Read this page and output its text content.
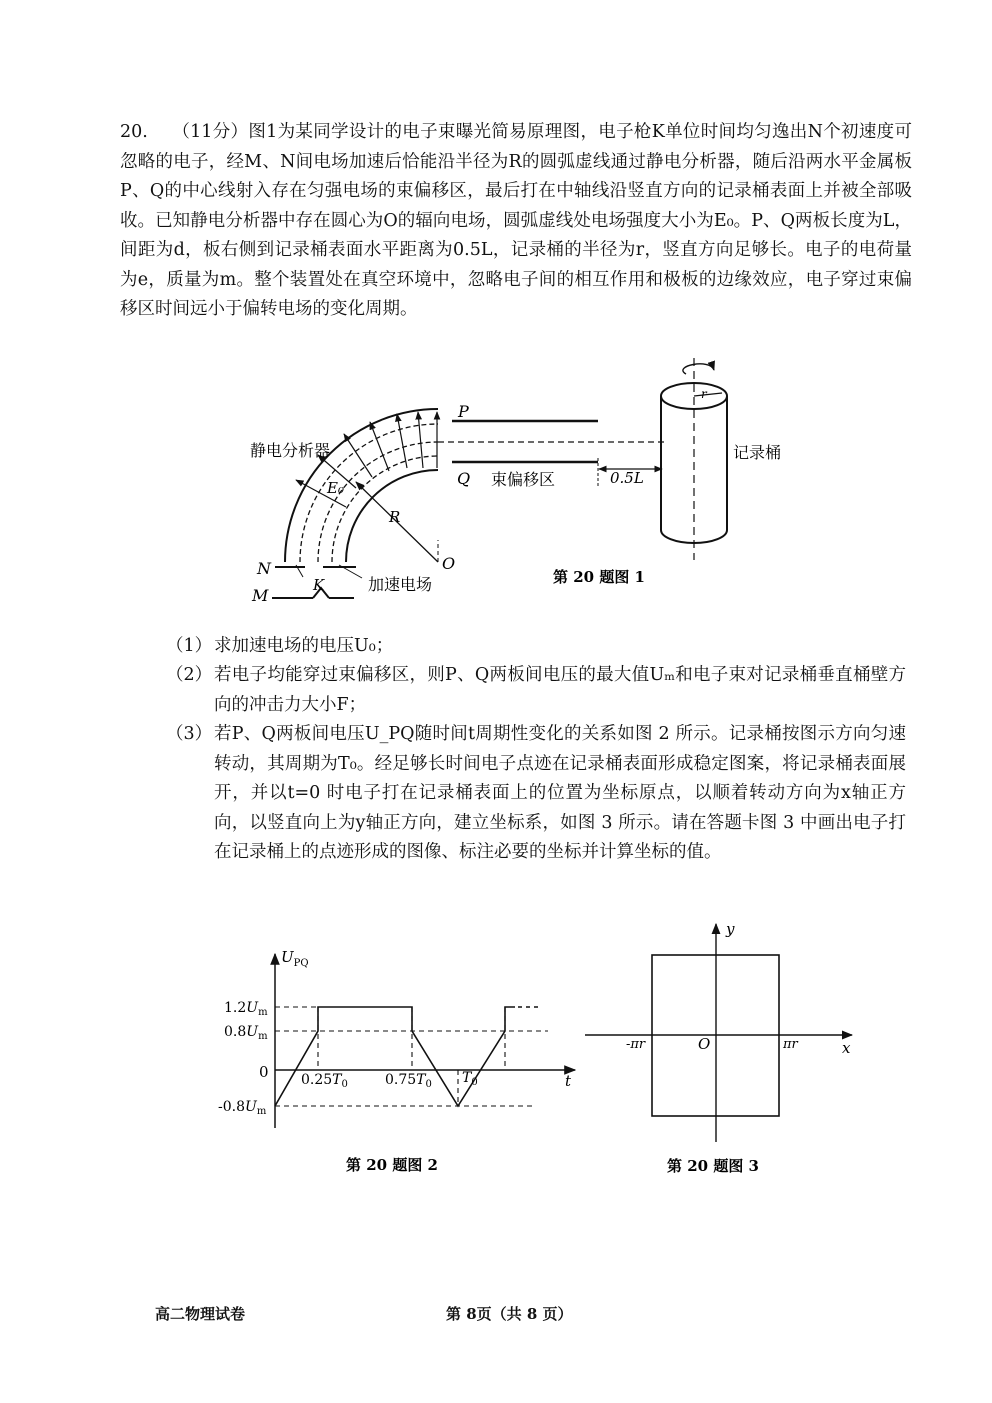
20. （11分）图1为某同学设计的电子束曝光简易原理图，电子枪K单位时间均匀逸出N个初速度可忽略的电子，经M、N间电场加速后恰能沿半径为R的圆弧虚线通过静电分析器，随后沿两水平金属板P、Q的中心线射入存在匀强电场的束偏移区，最后打在中轴线沿竖直方向的记录桶表面上并被全部吸收。已知静电分析器中存在圆心为O的辐向电场，圆弧虚线处电场强度大小为E₀。P、Q两板长度为L，间距为d，板右侧到记录桶表面水平距离为0.5L，记录桶的半径为r，竖直方向足够长。电子的电荷量为e，质量为m。整个装置处在真空环境中，忽略电子间的相互作用和极板的边缘效应，电子穿过束偏移区时间远小于偏转电场的变化周期。
P
Q
静电分析器
E₀
R
O
N
M
K	加速电场
束偏移区	0.5L
记录桶
r
第 20 题图 1
（1） 求加速电场的电压U₀；
（2） 若电子均能穿过束偏移区，则P、Q两板间电压的最大值Uₘ和电子束对记录桶垂直桶壁方向的冲击力大小F；
（3） 若P、Q两板间电压U_PQ随时间t周期性变化的关系如图 2 所示。记录桶按图示方向匀速转动，其周期为T₀。经足够长时间电子点迹在记录桶表面形成稳定图案，将记录桶表面展开，并以t=0 时电子打在记录桶表面上的位置为坐标原点，以顺着转动方向为x轴正方向，以竖直向上为y轴正方向，建立坐标系，如图 3 所示。请在答题卡图 3 中画出电子打在记录桶上的点迹形成的图像、标注必要的坐标并计算坐标的值。
$U_{PQ}$
t
0
$1.2U_m$
$0.8U_m$
$-0.8U_m$
$0.25T_0$	$0.75T_0$ $T_0$
第 20 题图 2
x
y
O
-πr	πr
第 20 题图 3
高二物理试卷	第 8页（共 8 页）
